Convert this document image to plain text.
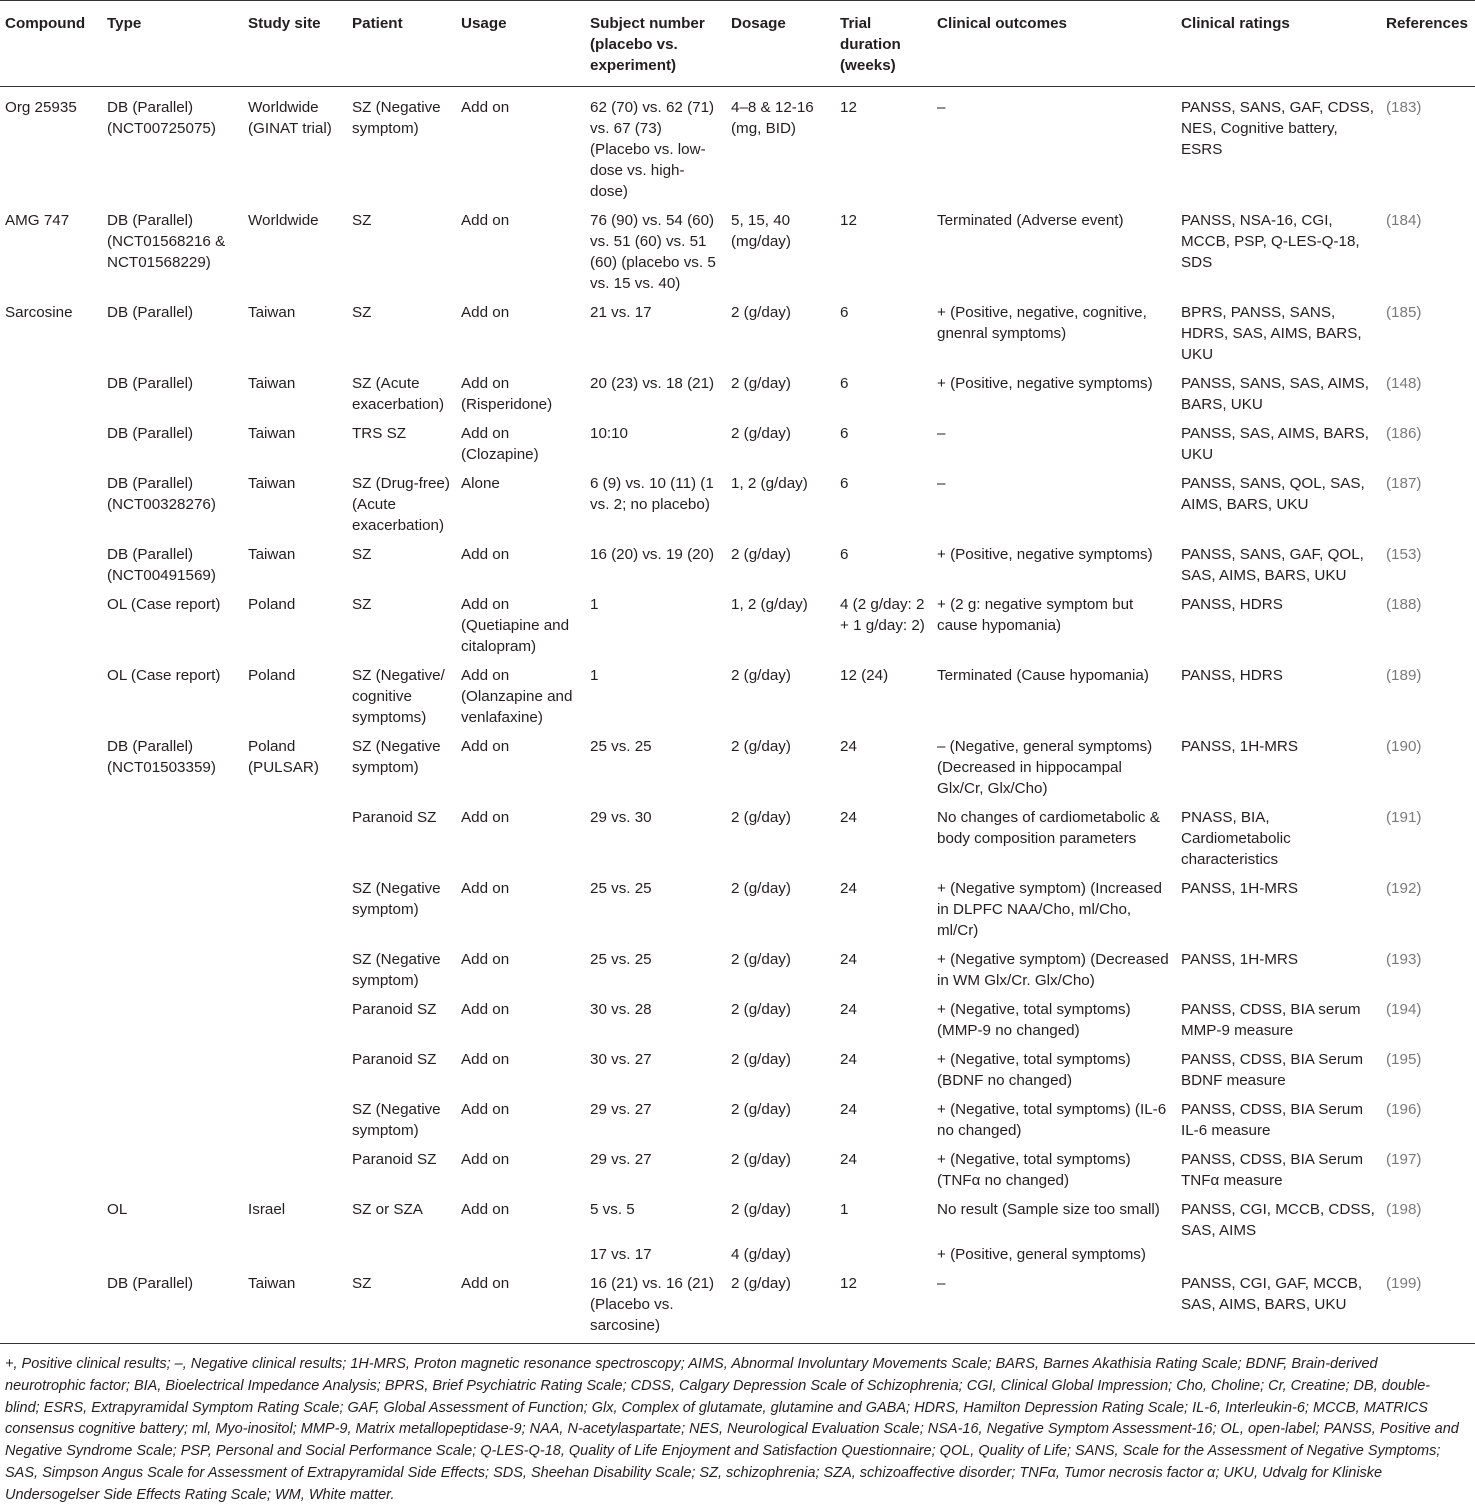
Compound	Type	Study site	Patient	Usage	Subject number (placebo vs. experiment)	Dosage	Trial duration (weeks)	Clinical outcomes	Clinical ratings	References
Org 25935	DB (Parallel) (NCT00725075)	Worldwide (GINAT trial)	SZ (Negative symptom)	Add on	62 (70) vs. 62 (71) vs. 67 (73) (Placebo vs. low-dose vs. high-dose)	4–8 & 12-16 (mg, BID)	12	–	PANSS, SANS, GAF, CDSS, NES, Cognitive battery, ESRS	(183)
AMG 747	DB (Parallel) (NCT01568216 & NCT01568229)	Worldwide	SZ	Add on	76 (90) vs. 54 (60) vs. 51 (60) vs. 51 (60) (placebo vs. 5 vs. 15 vs. 40)	5, 15, 40 (mg/day)	12	Terminated (Adverse event)	PANSS, NSA-16, CGI, MCCB, PSP, Q-LES-Q-18, SDS	(184)
Sarcosine	DB (Parallel)	Taiwan	SZ	Add on	21 vs. 17	2 (g/day)	6	+ (Positive, negative, cognitive, gnenral symptoms)	BPRS, PANSS, SANS, HDRS, SAS, AIMS, BARS, UKU	(185)
	DB (Parallel)	Taiwan	SZ (Acute exacerbation)	Add on (Risperidone)	20 (23) vs. 18 (21)	2 (g/day)	6	+ (Positive, negative symptoms)	PANSS, SANS, SAS, AIMS, BARS, UKU	(148)
	DB (Parallel)	Taiwan	TRS SZ	Add on (Clozapine)	10:10	2 (g/day)	6	–	PANSS, SAS, AIMS, BARS, UKU	(186)
	DB (Parallel) (NCT00328276)	Taiwan	SZ (Drug-free) (Acute exacerbation)	Alone	6 (9) vs. 10 (11) (1 vs. 2; no placebo)	1, 2 (g/day)	6	–	PANSS, SANS, QOL, SAS, AIMS, BARS, UKU	(187)
	DB (Parallel) (NCT00491569)	Taiwan	SZ	Add on	16 (20) vs. 19 (20)	2 (g/day)	6	+ (Positive, negative symptoms)	PANSS, SANS, GAF, QOL, SAS, AIMS, BARS, UKU	(153)
	OL (Case report)	Poland	SZ	Add on (Quetiapine and citalopram)	1	1, 2 (g/day)	4 (2 g/day: 2 + 1 g/day: 2)	+ (2 g: negative symptom but cause hypomania)	PANSS, HDRS	(188)
	OL (Case report)	Poland	SZ (Negative/ cognitive symptoms)	Add on (Olanzapine and venlafaxine)	1	2 (g/day)	12 (24)	Terminated (Cause hypomania)	PANSS, HDRS	(189)
	DB (Parallel) (NCT01503359)	Poland (PULSAR)	SZ (Negative symptom)	Add on	25 vs. 25	2 (g/day)	24	– (Negative, general symptoms) (Decreased in hippocampal Glx/Cr, Glx/Cho)	PANSS, 1H-MRS	(190)
			Paranoid SZ	Add on	29 vs. 30	2 (g/day)	24	No changes of cardiometabolic & body composition parameters	PNASS, BIA, Cardiometabolic characteristics	(191)
			SZ (Negative symptom)	Add on	25 vs. 25	2 (g/day)	24	+ (Negative symptom) (Increased in DLPFC NAA/Cho, ml/Cho, ml/Cr)	PANSS, 1H-MRS	(192)
			SZ (Negative symptom)	Add on	25 vs. 25	2 (g/day)	24	+ (Negative symptom) (Decreased in WM Glx/Cr. Glx/Cho)	PANSS, 1H-MRS	(193)
			Paranoid SZ	Add on	30 vs. 28	2 (g/day)	24	+ (Negative, total symptoms) (MMP-9 no changed)	PANSS, CDSS, BIA serum MMP-9 measure	(194)
			Paranoid SZ	Add on	30 vs. 27	2 (g/day)	24	+ (Negative, total symptoms) (BDNF no changed)	PANSS, CDSS, BIA Serum BDNF measure	(195)
			SZ (Negative symptom)	Add on	29 vs. 27	2 (g/day)	24	+ (Negative, total symptoms) (IL-6 no changed)	PANSS, CDSS, BIA Serum IL-6 measure	(196)
			Paranoid SZ	Add on	29 vs. 27	2 (g/day)	24	+ (Negative, total symptoms) (TNFα no changed)	PANSS, CDSS, BIA Serum TNFα measure	(197)
	OL	Israel	SZ or SZA	Add on	5 vs. 5	2 (g/day)	1	No result (Sample size too small)	PANSS, CGI, MCCB, CDSS, SAS, AIMS	(198)
					17 vs. 17	4 (g/day)		+ (Positive, general symptoms)		
	DB (Parallel)	Taiwan	SZ	Add on	16 (21) vs. 16 (21) (Placebo vs. sarcosine)	2 (g/day)	12	–	PANSS, CGI, GAF, MCCB, SAS, AIMS, BARS, UKU	(199)
+, Positive clinical results; –, Negative clinical results; 1H-MRS, Proton magnetic resonance spectroscopy; AIMS, Abnormal Involuntary Movements Scale; BARS, Barnes Akathisia Rating Scale; BDNF, Brain-derived neurotrophic factor; BIA, Bioelectrical Impedance Analysis; BPRS, Brief Psychiatric Rating Scale; CDSS, Calgary Depression Scale of Schizophrenia; CGI, Clinical Global Impression; Cho, Choline; Cr, Creatine; DB, double-blind; ESRS, Extrapyramidal Symptom Rating Scale; GAF, Global Assessment of Function; Glx, Complex of glutamate, glutamine and GABA; HDRS, Hamilton Depression Rating Scale; IL-6, Interleukin-6; MCCB, MATRICS consensus cognitive battery; ml, Myo-inositol; MMP-9, Matrix metallopeptidase-9; NAA, N-acetylaspartate; NES, Neurological Evaluation Scale; NSA-16, Negative Symptom Assessment-16; OL, open-label; PANSS, Positive and Negative Syndrome Scale; PSP, Personal and Social Performance Scale; Q-LES-Q-18, Quality of Life Enjoyment and Satisfaction Questionnaire; QOL, Quality of Life; SANS, Scale for the Assessment of Negative Symptoms; SAS, Simpson Angus Scale for Assessment of Extrapyramidal Side Effects; SDS, Sheehan Disability Scale; SZ, schizophrenia; SZA, schizoaffective disorder; TNFα, Tumor necrosis factor α; UKU, Udvalg for Kliniske Undersogelser Side Effects Rating Scale; WM, White matter.
